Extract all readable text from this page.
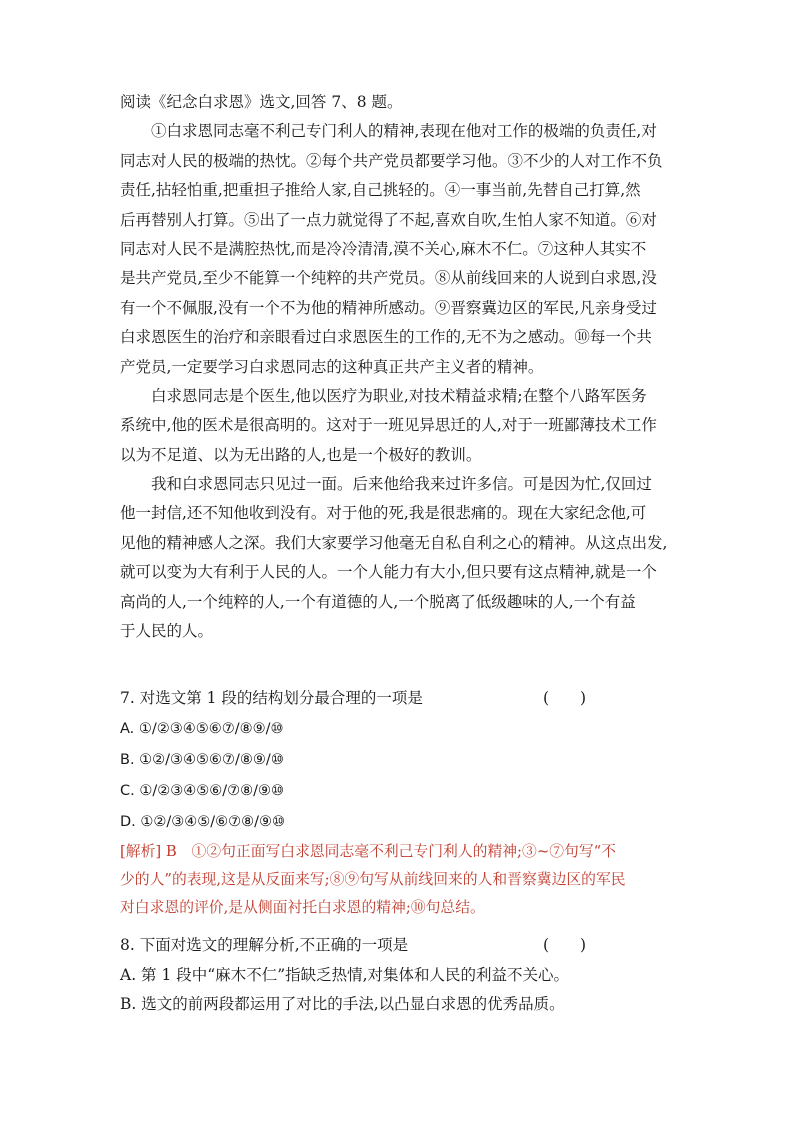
阅读《纪念白求恩》选文,回答 7、8 题。
①白求恩同志毫不利己专门利人的精神,表现在他对工作的极端的负责任,对
同志对人民的极端的热忱。②每个共产党员都要学习他。③不少的人对工作不负
责任,拈轻怕重,把重担子推给人家,自己挑轻的。④一事当前,先替自己打算,然
后再替别人打算。⑤出了一点力就觉得了不起,喜欢自吹,生怕人家不知道。⑥对
同志对人民不是满腔热忱,而是冷冷清清,漠不关心,麻木不仁。⑦这种人其实不
是共产党员,至少不能算一个纯粹的共产党员。⑧从前线回来的人说到白求恩,没
有一个不佩服,没有一个不为他的精神所感动。⑨晋察冀边区的军民,凡亲身受过
白求恩医生的治疗和亲眼看过白求恩医生的工作的,无不为之感动。⑩每一个共
产党员,一定要学习白求恩同志的这种真正共产主义者的精神。
白求恩同志是个医生,他以医疗为职业,对技术精益求精;在整个八路军医务
系统中,他的医术是很高明的。这对于一班见异思迁的人,对于一班鄙薄技术工作
以为不足道、以为无出路的人,也是一个极好的教训。
我和白求恩同志只见过一面。后来他给我来过许多信。可是因为忙,仅回过
他一封信,还不知他收到没有。对于他的死,我是很悲痛的。现在大家纪念他,可
见他的精神感人之深。我们大家要学习他毫无自私自利之心的精神。从这点出发,
就可以变为大有利于人民的人。一个人能力有大小,但只要有这点精神,就是一个
高尚的人,一个纯粹的人,一个有道德的人,一个脱离了低级趣味的人,一个有益
于人民的人。
7. 对选文第 1 段的结构划分最合理的一项是	(　　)
A. ①/②③④⑤⑥⑦/⑧⑨/⑩
B. ①②/③④⑤⑥⑦/⑧⑨/⑩
C. ①/②③④⑤⑥/⑦⑧/⑨⑩
D. ①②/③④⑤/⑥⑦⑧/⑨⑩
[解析] B　①②句正面写白求恩同志毫不利己专门利人的精神;③~⑦句写“不
少的人”的表现,这是从反面来写;⑧⑨句写从前线回来的人和晋察冀边区的军民
对白求恩的评价,是从侧面衬托白求恩的精神;⑩句总结。
8. 下面对选文的理解分析,不正确的一项是	(　　)
A. 第 1 段中“麻木不仁”指缺乏热情,对集体和人民的利益不关心。
B. 选文的前两段都运用了对比的手法,以凸显白求恩的优秀品质。
